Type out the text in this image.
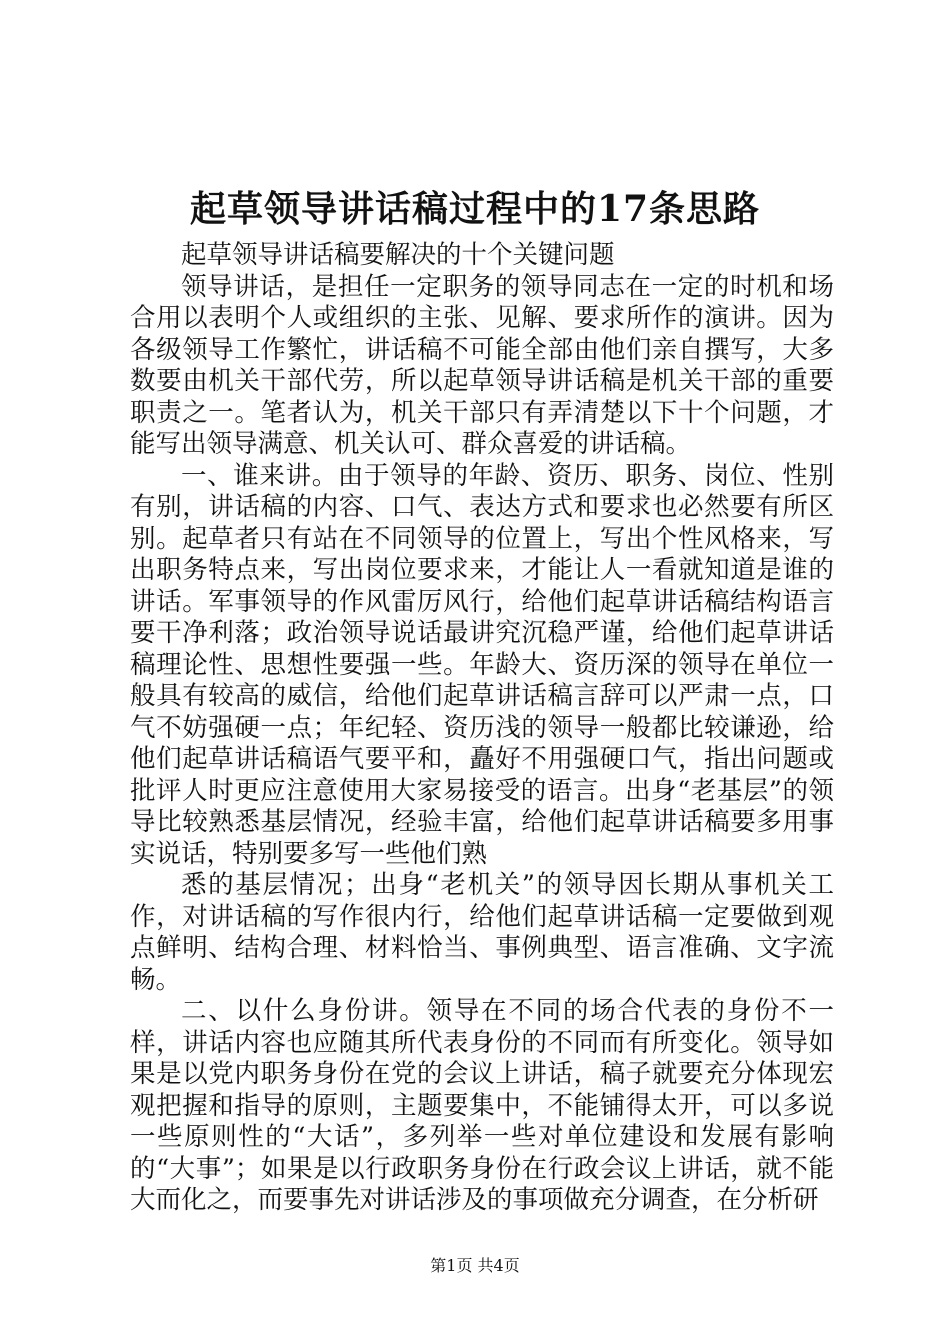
起草领导讲话稿过程中的17条思路

起草领导讲话稿要解决的十个关键问题

领导讲话，是担任一定职务的领导同志在一定的时机和场合用以表明个人或组织的主张、见解、要求所作的演讲。因为各级领导工作繁忙，讲话稿不可能全部由他们亲自撰写，大多数要由机关干部代劳，所以起草领导讲话稿是机关干部的重要职责之一。笔者认为，机关干部只有弄清楚以下十个问题，才能写出领导满意、机关认可、群众喜爱的讲话稿。

一、谁来讲。由于领导的年龄、资历、职务、岗位、性别有别，讲话稿的内容、口气、表达方式和要求也必然要有所区别。起草者只有站在不同领导的位置上，写出个性风格来，写出职务特点来，写出岗位要求来，才能让人一看就知道是谁的讲话。军事领导的作风雷厉风行，给他们起草讲话稿结构语言要干净利落；政治领导说话最讲究沉稳严谨，给他们起草讲话稿理论性、思想性要强一些。年龄大、资历深的领导在单位一般具有较高的威信，给他们起草讲话稿言辞可以严肃一点，口气不妨强硬一点；年纪轻、资历浅的领导一般都比较谦逊，给他们起草讲话稿语气要平和，矗好不用强硬口气，指出问题或批评人时更应注意使用大家易接受的语言。出身“老基层”的领导比较熟悉基层情况，经验丰富，给他们起草讲话稿要多用事实说话，特别要多写一些他们熟

悉的基层情况；出身“老机关”的领导因长期从事机关工作，对讲话稿的写作很内行，给他们起草讲话稿一定要做到观点鲜明、结构合理、材料恰当、事例典型、语言准确、文字流畅。

二、以什么身份讲。领导在不同的场合代表的身份不一样，讲话内容也应随其所代表身份的不同而有所变化。领导如果是以党内职务身份在党的会议上讲话，稿子就要充分体现宏观把握和指导的原则，主题要集中，不能铺得太开，可以多说一些原则性的“大话”，多列举一些对单位建设和发展有影响的“大事”；如果是以行政职务身份在行政会议上讲话，就不能大而化之，而要事先对讲话涉及的事项做充分调查，在分析研

第1页 共4页
